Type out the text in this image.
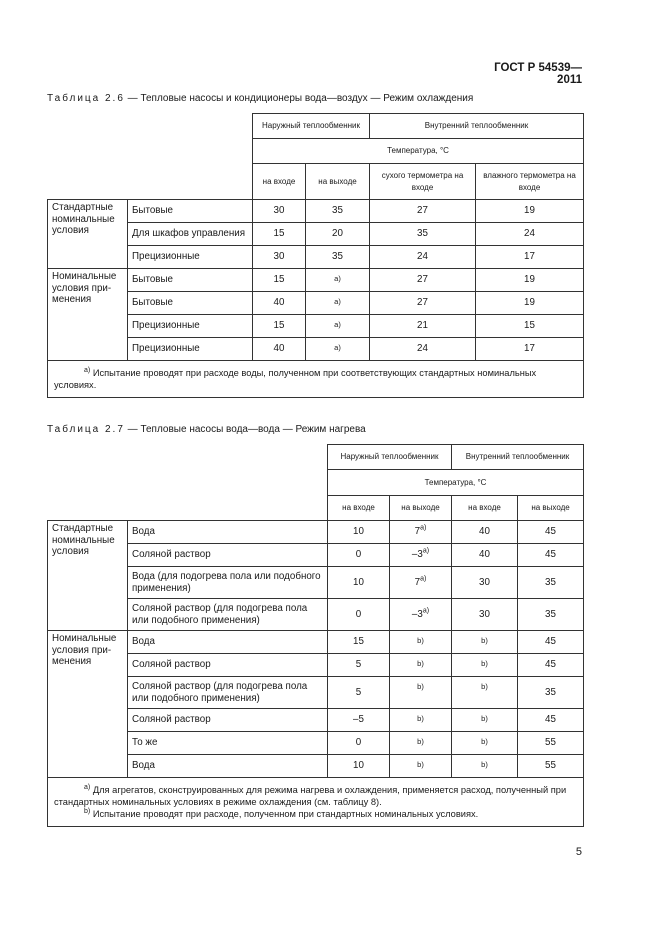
ГОСТ Р 54539—2011
Таблица 2.6 — Тепловые насосы и кондиционеры вода—воздух — Режим охлаждения
		Наружный теплообменник		Внутренний теплообменник	
		Температура, °С			
		на входе	на выходе	сухого термометра на входе	влажного термометра на входе
Стандартные номинальные условия	Бытовые	30	35	27	19
	Для шкафов управления	15	20	35	24
	Прецизионные	30	35	24	17
Номинальные условия применения	Бытовые	15	a)	27	19
	Бытовые	40	a)	27	19
	Прецизионные	15	a)	21	15
	Прецизионные	40	a)	24	17
$^{a)}$ Испытание проводят при расходе воды, полученном при соответствующих стандартных номинальных условиях.					
Таблица 2.7 — Тепловые насосы вода—вода — Режим нагрева
		Наружный теплообменник		Внутренний теплообменник	
		Температура, °С			
		на входе	на выходе	на входе	на выходе
Стандартные номинальные условия	Вода	10	7$^{a)}$	40	45
	Соляной раствор	0	–3$^{a)}$	40	45
	Вода (для подогрева пола или подобного применения)	10	7$^{a)}$	30	35
	Соляной раствор (для подогрева пола или подобного применения)	0	–3$^{a)}$	30	35
Номинальные условия применения	Вода	15	b)	b)	45
	Соляной раствор	5	b)	b)	45
	Соляной раствор (для подогрева пола или подобного применения)	5	b)	b)	35
	Соляной раствор	–5	b)	b)	45
	То же	0	b)	b)	55
	Вода	10	b)	b)	55

$^{a)}$ Для агрегатов, сконструированных для режима нагрева и охлаждения, применяется расход, полученный при стандартных номинальных условиях в режиме охлаждения (см. таблицу 8).
$^{b)}$ Испытание проводят при расходе, полученном при стандартных номинальных условиях.					
5
